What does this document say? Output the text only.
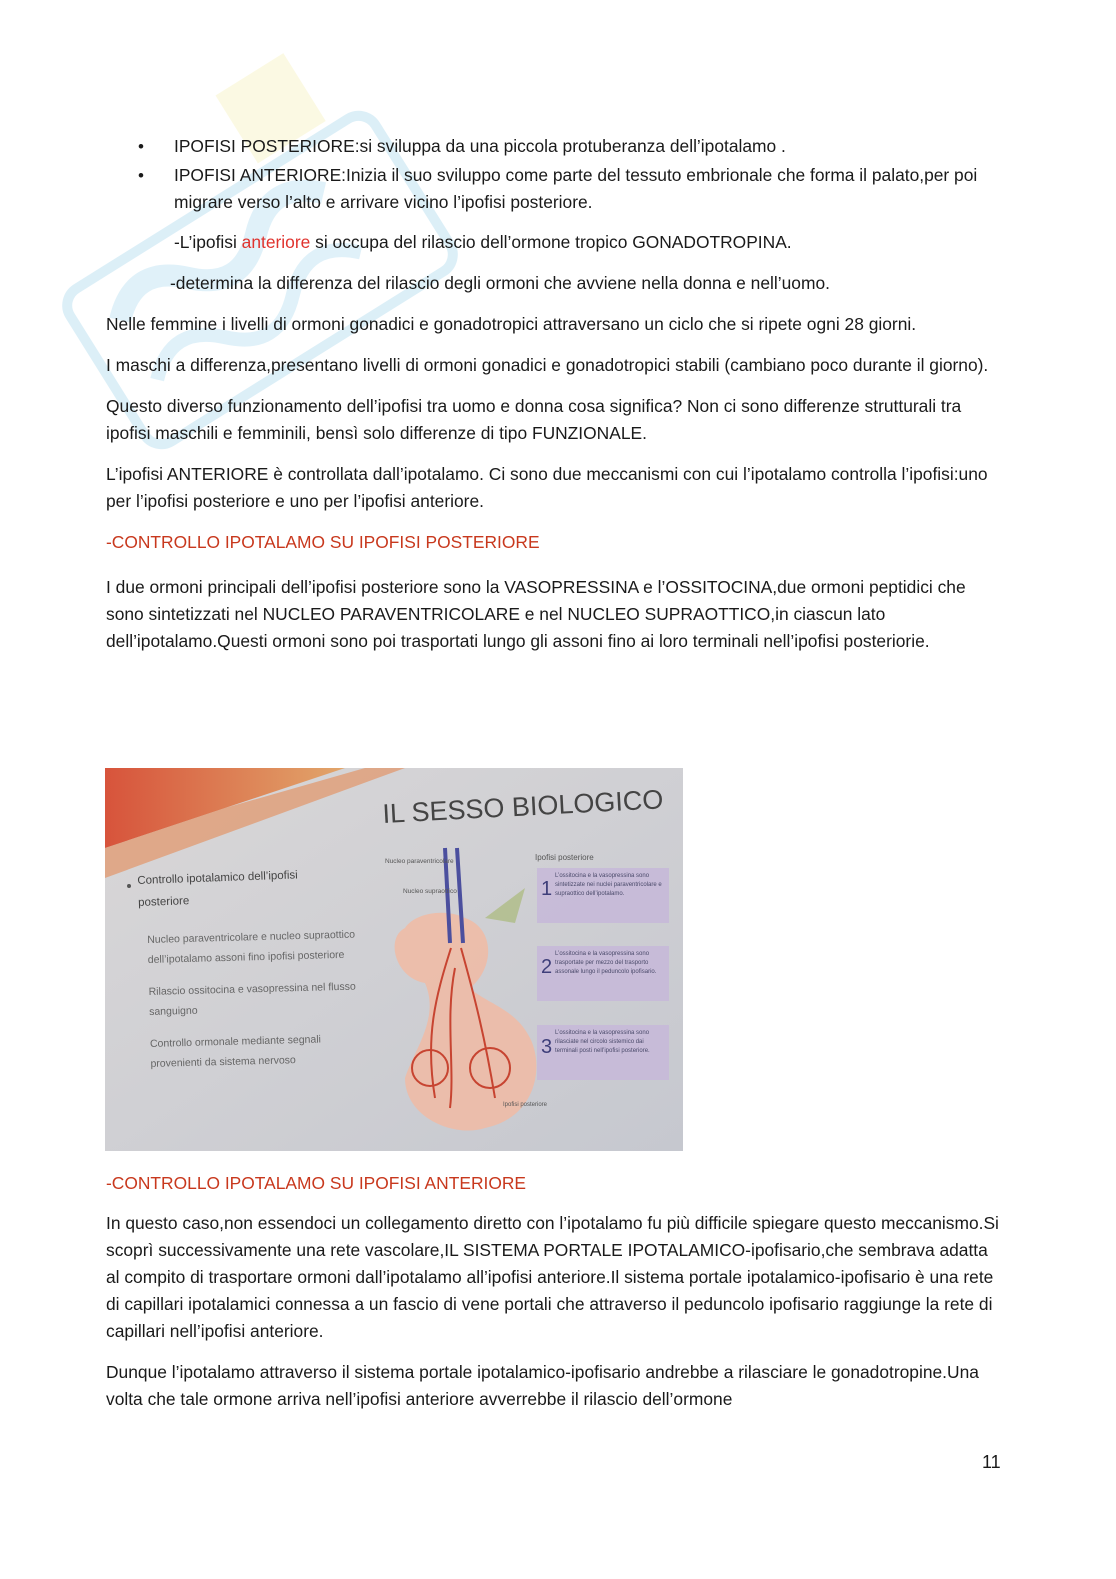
• IPOFISI POSTERIORE:si sviluppa da una piccola protuberanza dell’ipotalamo .
• IPOFISI ANTERIORE:Inizia il suo sviluppo come parte del tessuto embrionale che forma il palato,per poi migrare verso l’alto e arrivare vicino l’ipofisi posteriore.

-L’ipofisi anteriore si occupa del rilascio dell’ormone tropico GONADOTROPINA.

-determina la differenza del rilascio degli ormoni che avviene nella donna e nell’uomo.

Nelle femmine i livelli di ormoni gonadici e gonadotropici attraversano un ciclo che si ripete ogni 28 giorni.

I maschi a differenza,presentano livelli di ormoni gonadici e gonadotropici stabili (cambiano poco durante il giorno).

Questo diverso funzionamento dell’ipofisi tra uomo e donna cosa significa? Non ci sono differenze strutturali tra ipofisi maschili e femminili, bensì solo differenze di tipo FUNZIONALE.

L’ipofisi ANTERIORE è controllata dall’ipotalamo. Ci sono due meccanismi con cui l’ipotalamo controlla l’ipofisi:uno per l’ipofisi posteriore e uno per l’ipofisi anteriore.

-CONTROLLO IPOTALAMO SU IPOFISI POSTERIORE

I due ormoni principali dell’ipofisi posteriore sono la VASOPRESSINA e l’OSSITOCINA,due ormoni peptidici che sono sintetizzati nel NUCLEO PARAVENTRICOLARE e nel NUCLEO SUPRAOTTICO,in ciascun lato dell’ipotalamo.Questi ormoni sono poi trasportati lungo gli assoni fino ai loro terminali nell’ipofisi posteriorie.

IL SESSO BIOLOGICO
Controllo ipotalamico dell’ipofisi posteriore
Nucleo paraventricolare e nucleo supraottico dell’ipotalamo assoni fino ipofisi posteriore
Rilascio ossitocina e vasopressina nel flusso sanguigno
Controllo ormonale mediante segnali provenienti da sistema nervoso
Nucleo paraventricolare
Nucleo supraottico
Ipofisi posteriore
Ipofisi posteriore
1
2
3
L’ossitocina e la vasopressina sono sintetizzate nei nuclei paraventricolare e supraottico dell’ipotalamo.
L’ossitocina e la vasopressina sono trasportate per mezzo del trasporto assonale lungo il peduncolo ipofisario.
L’ossitocina e la vasopressina sono rilasciate nel circolo sistemico dai terminali posti nell’ipofisi posteriore.
-CONTROLLO IPOTALAMO SU IPOFISI ANTERIORE

In questo caso,non essendoci un collegamento diretto con l’ipotalamo fu più difficile spiegare questo meccanismo.Si scoprì successivamente una rete vascolare,IL SISTEMA PORTALE IPOTALAMICO-ipofisario,che sembrava adatta al compito di trasportare ormoni dall’ipotalamo all’ipofisi anteriore.Il sistema portale ipotalamico-ipofisario è una rete di capillari ipotalamici connessa a un fascio di vene portali che attraverso il peduncolo ipofisario raggiunge la rete di capillari nell’ipofisi anteriore.

Dunque l’ipotalamo attraverso il sistema portale ipotalamico-ipofisario andrebbe a rilasciare le gonadotropine.Una volta che tale ormone arriva nell’ipofisi anteriore avverrebbe il rilascio dell’ormone

11
